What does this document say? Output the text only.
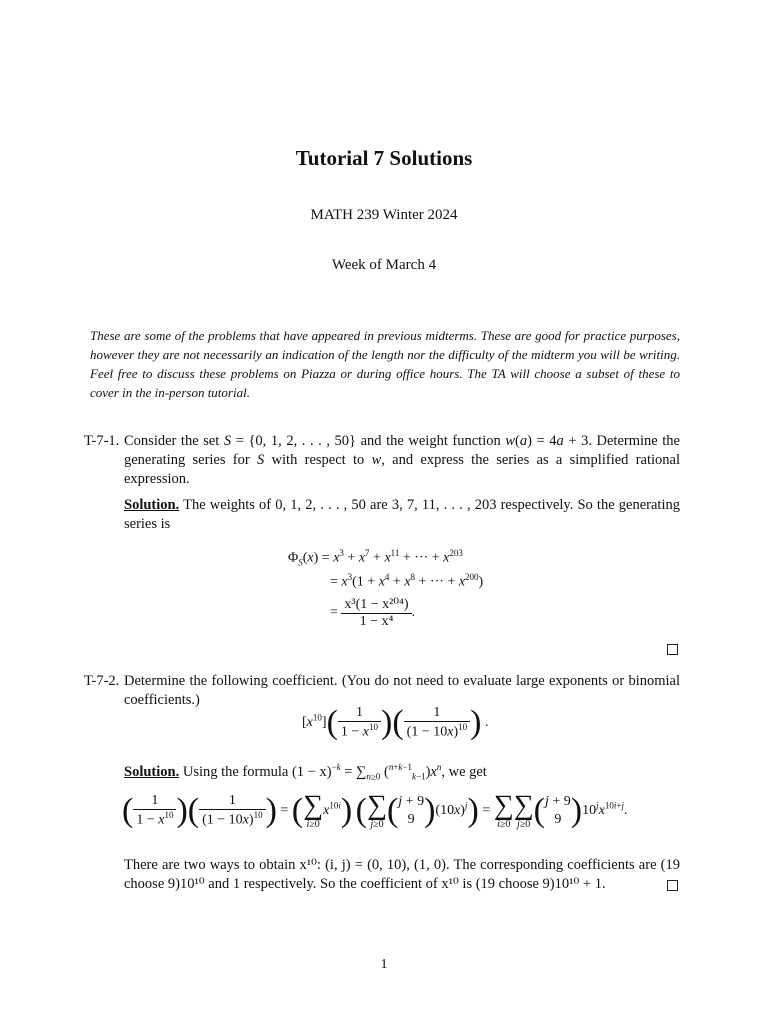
Tutorial 7 Solutions
MATH 239 Winter 2024
Week of March 4
These are some of the problems that have appeared in previous midterms. These are good for practice purposes, however they are not necessarily an indication of the length nor the difficulty of the midterm you will be writing. Feel free to discuss these problems on Piazza or during office hours. The TA will choose a subset of these to cover in the in-person tutorial.
T-7-1. Consider the set S = {0, 1, 2, . . . , 50} and the weight function w(a) = 4a + 3. Determine the generating series for S with respect to w, and express the series as a simplified rational expression.
Solution. The weights of 0, 1, 2, . . . , 50 are 3, 7, 11, . . . , 203 respectively. So the generating series is
$\Phi_S(x) = x^3 + x^7 + x^{11}$ + ··· + $x^{203}$
= $x^3(1 + x^4 + x^8$ + ··· + $x^{200}$)
= $\frac{\text{x³(1 − x²⁰⁴)}}{\text{1 − x⁴}}$ .
T-7-2. Determine the following coefficient. (You do not need to evaluate large exponents or binomial coefficients.)
$[x^{10}]( \frac{1}{1 - x^{10}}$ )( $\frac{1}{(1 - 10x)^{10}}$ ) .
Solution. Using the formula $(1 - x)^{-k} = \sum_{n\ge 0}$ $(^{n+k-1}_{k-1})x^n$, we get
( $\frac{1}{1 - x^{10}}$ )( $\frac{1}{(1 - 10x)^{10}}$ ) = ( ∑
i≥0
$x^{10i}$) ( ∑
j≥0 (j + 9
9 )$(10x)^j$) = ∑
i≥0
∑
j≥0 (j + 9
9 )$10^jx^{10i+j}$.
There are two ways to obtain x¹⁰: (i, j) = (0, 10), (1, 0). The corresponding coefficients are (19 choose 9)10¹⁰ and 1 respectively. So the coefficient of x¹⁰ is (19 choose 9)10¹⁰ + 1.
1
